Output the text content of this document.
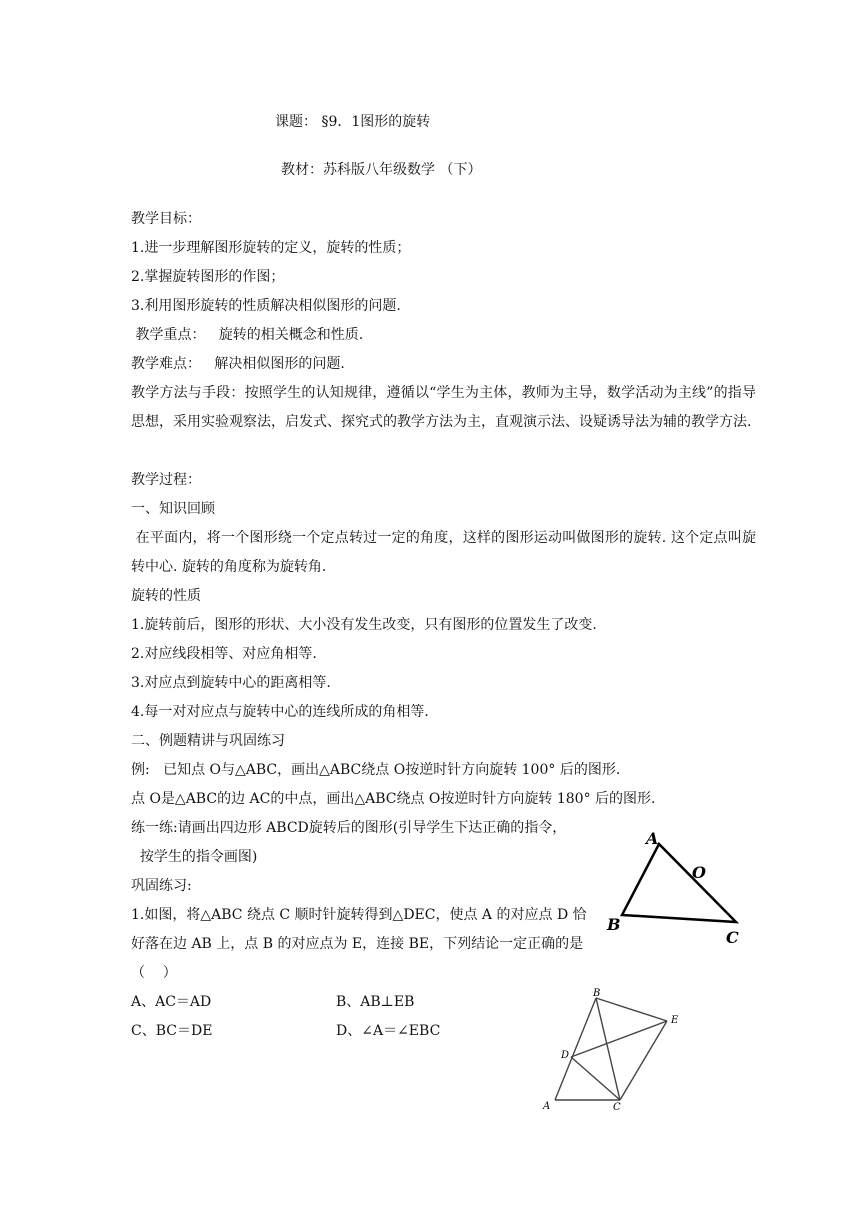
课题： §9．1图形的旋转
教材：苏科版八年级数学 （下）
教学目标：
1.进一步理解图形旋转的定义，旋转的性质；
2.掌握旋转图形的作图；
3.利用图形旋转的性质解决相似图形的问题.
教学重点：   旋转的相关概念和性质.
教学难点：   解决相似图形的问题.
教学方法与手段：按照学生的认知规律，遵循以“学生为主体，教师为主导，数学活动为主线”的指导思想，采用实验观察法，启发式、探究式的教学方法为主，直观演示法、设疑诱导法为辅的教学方法.
教学过程：
一、知识回顾
在平面内，将一个图形绕一个定点转过一定的角度，这样的图形运动叫做图形的旋转. 这个定点叫旋转中心. 旋转的角度称为旋转角.
旋转的性质
1.旋转前后，图形的形状、大小没有发生改变，只有图形的位置发生了改变.
2.对应线段相等、对应角相等.
3.对应点到旋转中心的距离相等.
4.每一对对应点与旋转中心的连线所成的角相等.
二、例题精讲与巩固练习
例:   已知点 O与△ABC，画出△ABC绕点 O按逆时针方向旋转 100° 后的图形.
点 O是△ABC的边 AC的中点，画出△ABC绕点 O按逆时针方向旋转 180° 后的图形.
练一练:请画出四边形 ABCD旋转后的图形(引导学生下达正确的指令，
按学生的指令画图)
巩固练习:
1.如图，将△ABC 绕点 C 顺时针旋转得到△DEC，使点 A 的对应点 D 恰
好落在边 AB 上，点 B 的对应点为 E，连接 BE，下列结论一定正确的是
（    ）
A、AC＝AD	B、AB⊥EB
C、BC＝DE	D、∠A＝∠EBC
A
O
B
C
B
E
D
A	C
